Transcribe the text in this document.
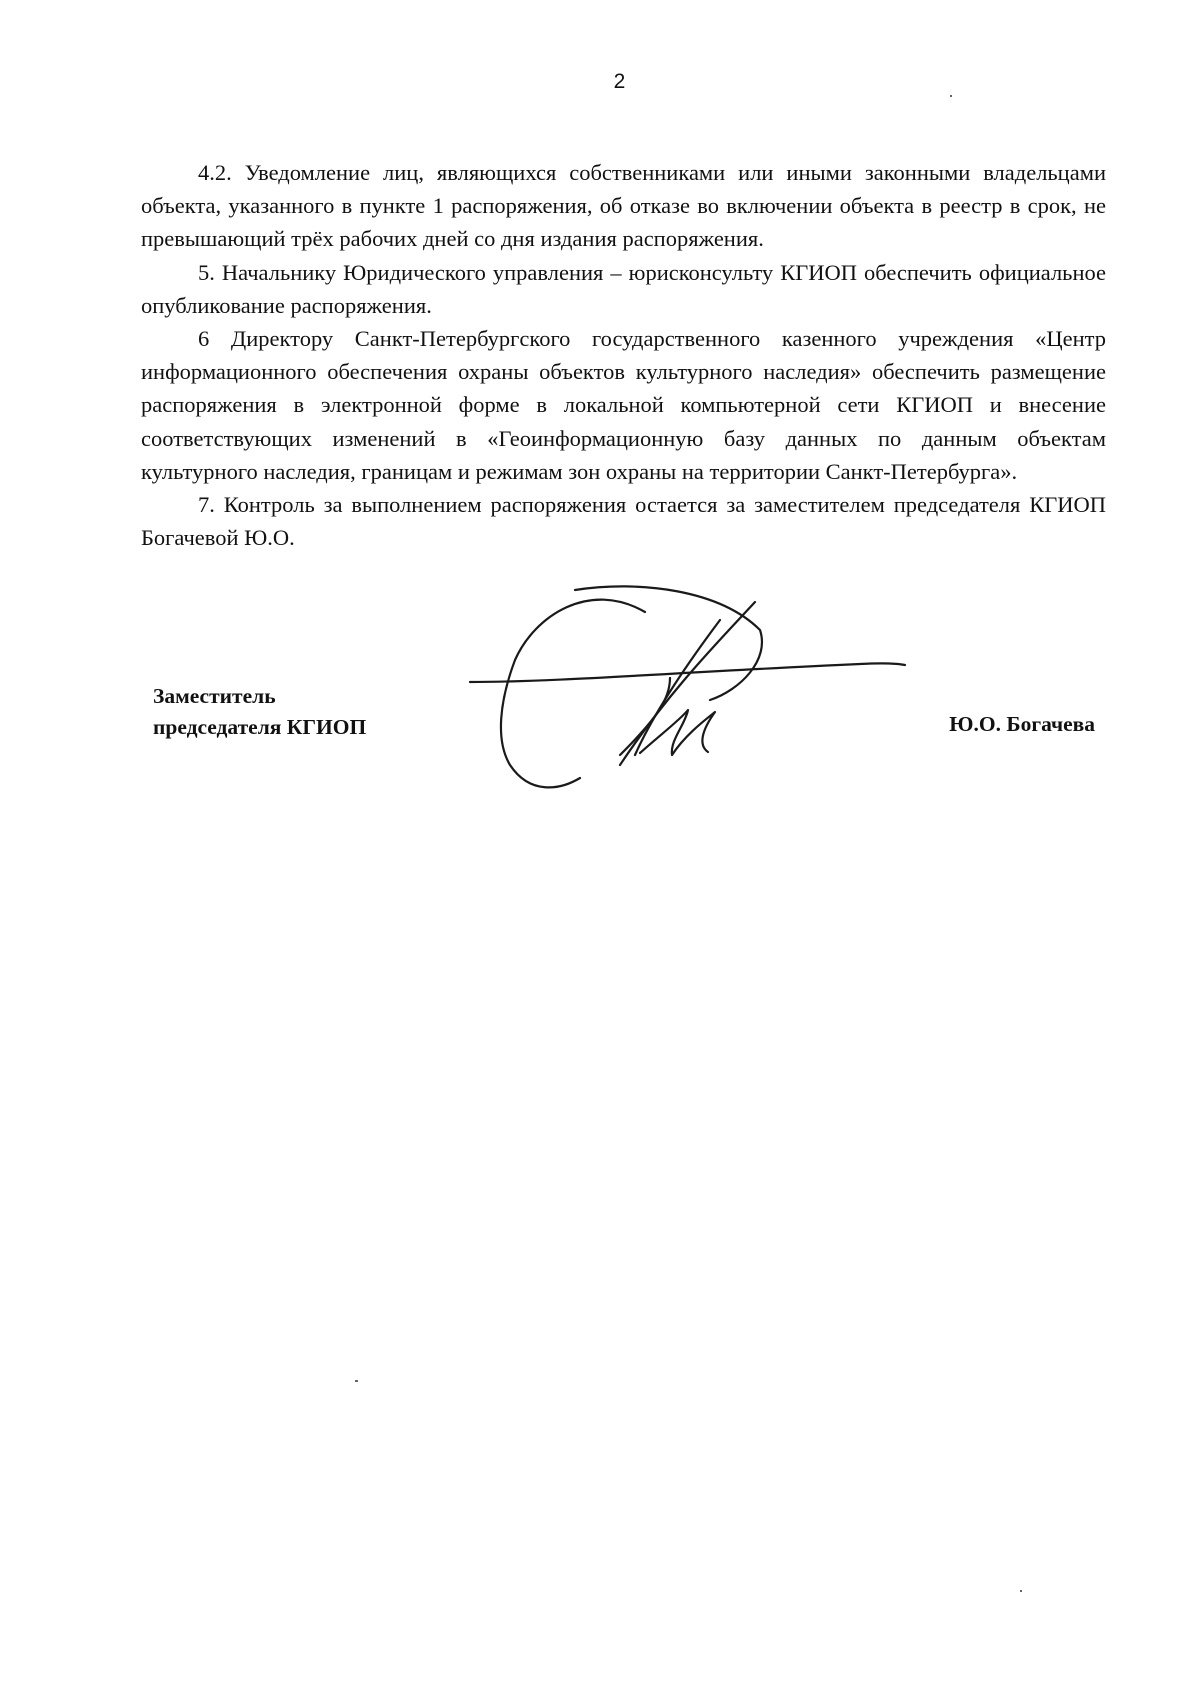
2

4.2. Уведомление лиц, являющихся собственниками или иными законными владельцами объекта, указанного в пункте 1 распоряжения, об отказе во включении объекта в реестр в срок, не превышающий трёх рабочих дней со дня издания распоряжения.

5. Начальнику Юридического управления – юрисконсульту КГИОП обеспечить официальное опубликование распоряжения.

6 Директору Санкт-Петербургского государственного казенного учреждения «Центр информационного обеспечения охраны объектов культурного наследия» обеспечить размещение распоряжения в электронной форме в локальной компьютерной сети КГИОП и внесение соответствующих изменений в «Геоинформационную базу данных по данным объектам культурного наследия, границам и режимам зон охраны на территории Санкт-Петербурга».

7. Контроль за выполнением распоряжения остается за заместителем председателя КГИОП Богачевой Ю.О.

Заместитель
председателя КГИОП	Ю.О. Богачева
